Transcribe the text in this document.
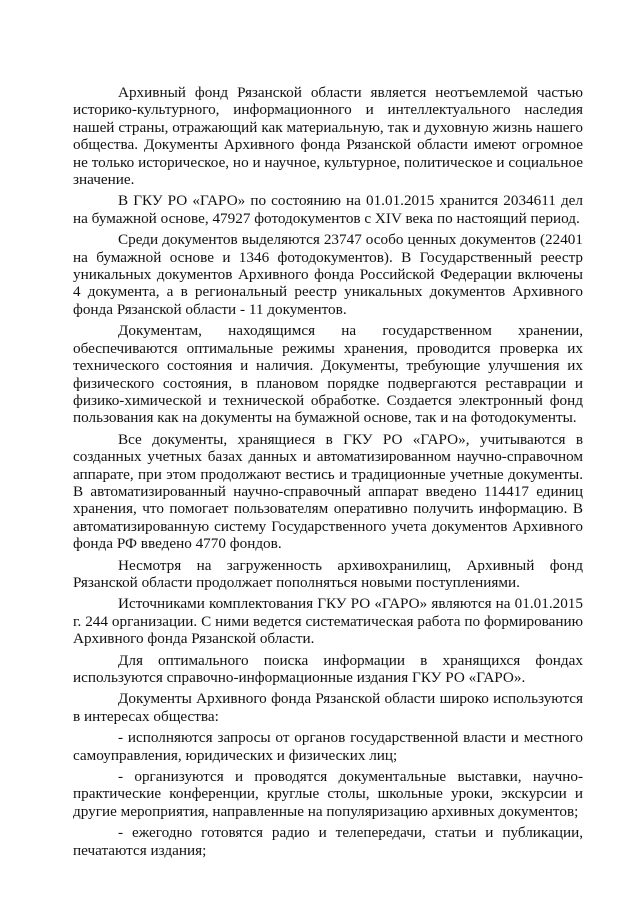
Архивный фонд Рязанской области является неотъемлемой частью историко-культурного, информационного и интеллектуального наследия нашей страны, отражающий как материальную, так и духовную жизнь нашего общества. Документы Архивного фонда Рязанской области имеют огромное не только историческое, но и научное, культурное, политическое и социальное значение.

В ГКУ РО «ГАРО» по состоянию на 01.01.2015 хранится 2034611 дел на бумажной основе, 47927 фотодокументов с XIV века по настоящий период.

Среди документов выделяются 23747 особо ценных документов (22401 на бумажной основе и 1346 фотодокументов). В Государственный реестр уникальных документов Архивного фонда Российской Федерации включены 4 документа, а в региональный реестр уникальных документов Архивного фонда Рязанской области - 11 документов.

Документам, находящимся на государственном хранении, обеспечиваются оптимальные режимы хранения, проводится проверка их технического состояния и наличия. Документы, требующие улучшения их физического состояния, в плановом порядке подвергаются реставрации и физико-химической и технической обработке. Создается электронный фонд пользования как на документы на бумажной основе, так и на фотодокументы.

Все документы, хранящиеся в ГКУ РО «ГАРО», учитываются в созданных учетных базах данных и автоматизированном научно-справочном аппарате, при этом продолжают вестись и традиционные учетные документы. В автоматизированный научно-справочный аппарат введено 114417 единиц хранения, что помогает пользователям оперативно получить информацию. В автоматизированную систему Государственного учета документов Архивного фонда РФ введено 4770 фондов.

Несмотря на загруженность архивохранилищ, Архивный фонд Рязанской области продолжает пополняться новыми поступлениями.

Источниками комплектования ГКУ РО «ГАРО» являются на 01.01.2015 г. 244 организации. С ними ведется систематическая работа по формированию Архивного фонда Рязанской области.

Для оптимального поиска информации в хранящихся фондах используются справочно-информационные издания ГКУ РО «ГАРО».

Документы Архивного фонда Рязанской области широко используются в интересах общества:

- исполняются запросы от органов государственной власти и местного самоуправления, юридических и физических лиц;

- организуются и проводятся документальные выставки, научно-практические конференции, круглые столы, школьные уроки, экскурсии и другие мероприятия, направленные на популяризацию архивных документов;

- ежегодно готовятся радио и телепередачи, статьи и публикации, печатаются издания;
